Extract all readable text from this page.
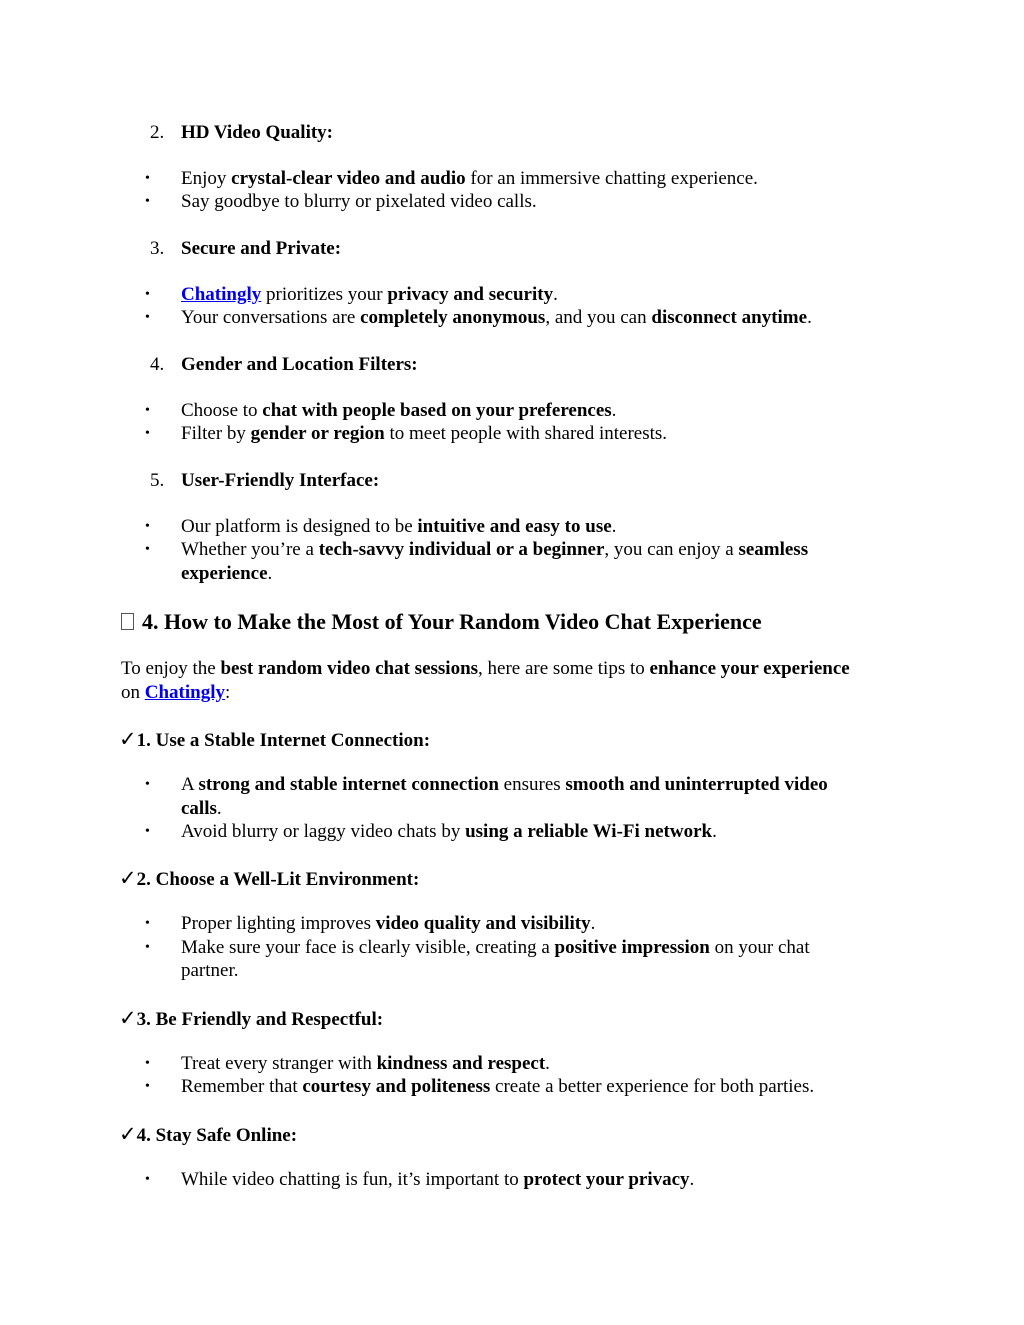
2. HD Video Quality:
• Enjoy crystal-clear video and audio for an immersive chatting experience.
• Say goodbye to blurry or pixelated video calls.
3. Secure and Private:
• Chatingly prioritizes your privacy and security.
• Your conversations are completely anonymous, and you can disconnect anytime.
4. Gender and Location Filters:
• Choose to chat with people based on your preferences.
• Filter by gender or region to meet people with shared interests.
5. User-Friendly Interface:
• Our platform is designed to be intuitive and easy to use.
• Whether you’re a tech-savvy individual or a beginner, you can enjoy a seamless
experience.
4. How to Make the Most of Your Random Video Chat Experience
To enjoy the best random video chat sessions, here are some tips to enhance your experience
on Chatingly:
✓1. Use a Stable Internet Connection:
• A strong and stable internet connection ensures smooth and uninterrupted video
calls.
• Avoid blurry or laggy video chats by using a reliable Wi-Fi network.
✓2. Choose a Well-Lit Environment:
• Proper lighting improves video quality and visibility.
• Make sure your face is clearly visible, creating a positive impression on your chat
partner.
✓3. Be Friendly and Respectful:
• Treat every stranger with kindness and respect.
• Remember that courtesy and politeness create a better experience for both parties.
✓4. Stay Safe Online:
• While video chatting is fun, it’s important to protect your privacy.
